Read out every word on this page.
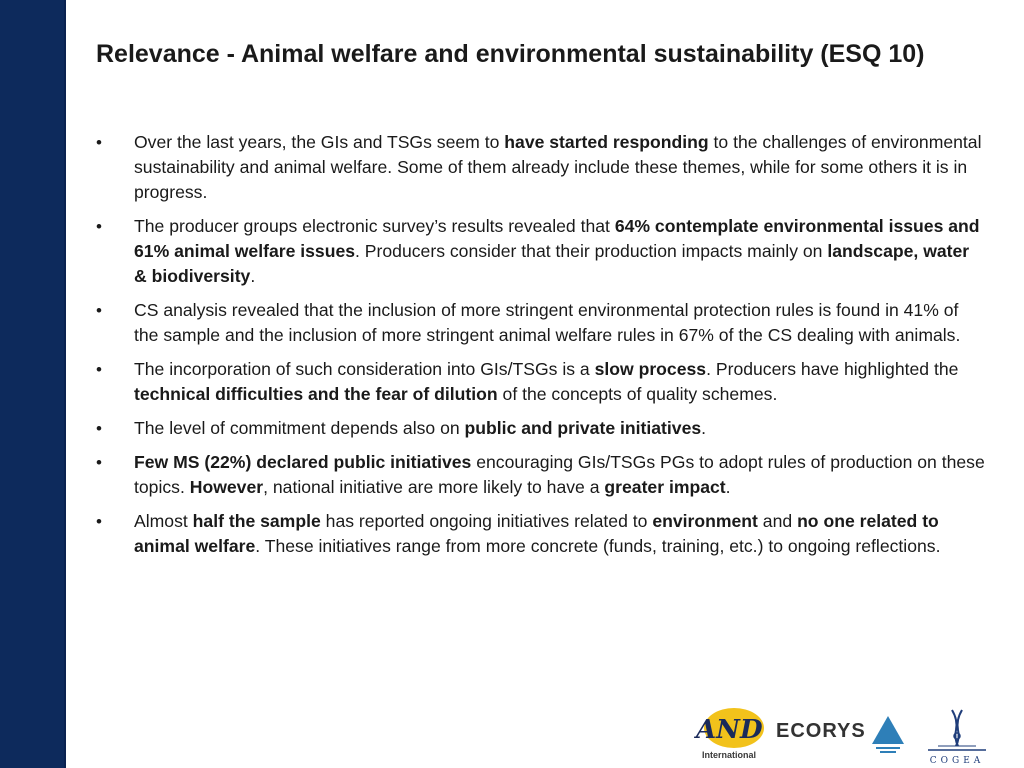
Relevance - Animal welfare and environmental sustainability (ESQ 10)
• Over the last years, the GIs and TSGs seem to have started responding to the challenges of environmental sustainability and animal welfare. Some of them already include these themes, while for some others it is in progress.
• The producer groups electronic survey’s results revealed that 64% contemplate environmental issues and 61% animal welfare issues. Producers consider that their production impacts mainly on landscape, water & biodiversity.
• CS analysis revealed that the inclusion of more stringent environmental protection rules is found in 41% of the sample and the inclusion of more stringent animal welfare rules in 67% of the CS dealing with animals.
• The incorporation of such consideration into GIs/TSGs is a slow process. Producers have highlighted the technical difficulties and the fear of dilution of the concepts of quality schemes.
• The level of commitment depends also on public and private initiatives.
• Few MS (22%) declared public initiatives encouraging GIs/TSGs PGs to adopt rules of production on these topics. However, national initiative are more likely to have a greater impact.
• Almost half the sample has reported ongoing initiatives related to environment and no one related to animal welfare. These initiatives range from more concrete (funds, training, etc.) to ongoing reflections.
AND
International
ECORYS
COGEA
